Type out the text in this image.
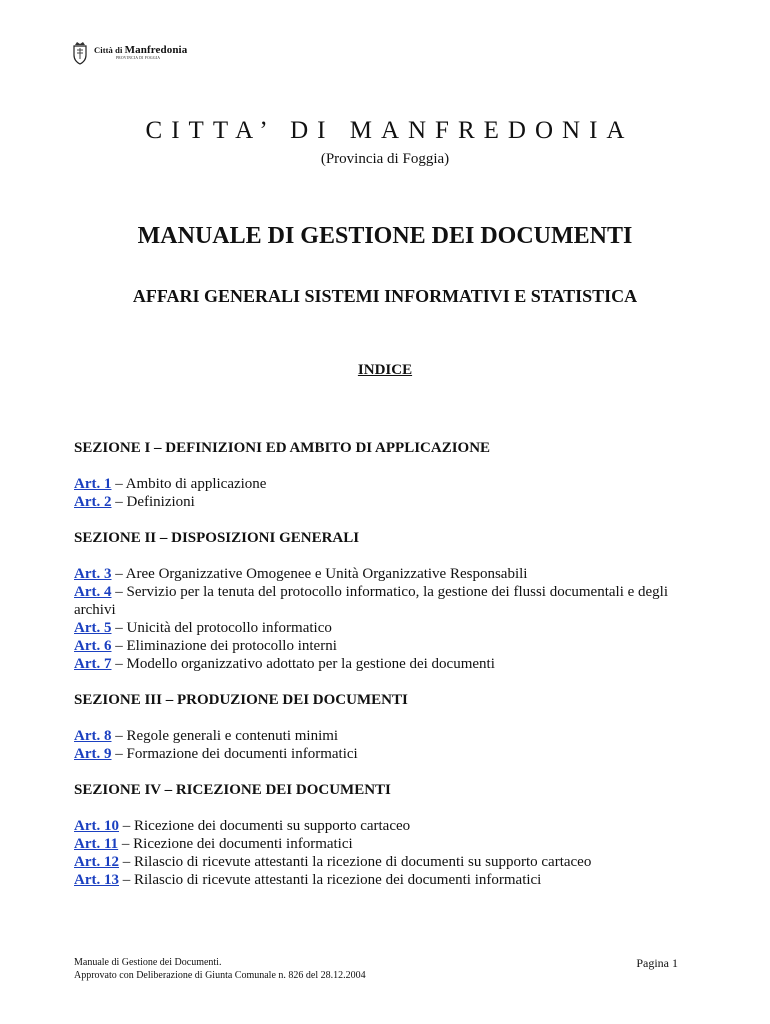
Città di Manfredonia
PROVINCIA DI FOGGIA
CITTA’ DI MANFREDONIA
(Provincia di Foggia)
MANUALE DI GESTIONE DEI DOCUMENTI
AFFARI GENERALI SISTEMI INFORMATIVI E STATISTICA
INDICE
SEZIONE I – DEFINIZIONI ED AMBITO DI APPLICAZIONE
Art. 1 – Ambito di applicazione
Art. 2 – Definizioni
SEZIONE II – DISPOSIZIONI GENERALI
Art. 3 – Aree Organizzative Omogenee e Unità Organizzative Responsabili
Art. 4 – Servizio per la tenuta del protocollo informatico, la gestione dei flussi documentali e degli archivi
Art. 5 – Unicità del protocollo informatico
Art. 6 – Eliminazione dei protocollo interni
Art. 7 – Modello organizzativo adottato per la gestione dei documenti
SEZIONE III – PRODUZIONE DEI DOCUMENTI
Art. 8 – Regole generali e contenuti minimi
Art. 9 – Formazione dei documenti informatici
SEZIONE IV – RICEZIONE DEI DOCUMENTI
Art. 10 – Ricezione dei documenti su supporto cartaceo
Art. 11 – Ricezione dei documenti informatici
Art. 12 – Rilascio di ricevute attestanti la ricezione di documenti su supporto cartaceo
Art. 13 – Rilascio di ricevute attestanti la ricezione dei documenti informatici
Manuale di Gestione dei Documenti.
Approvato con Deliberazione di Giunta Comunale n. 826 del 28.12.2004
Pagina 1
